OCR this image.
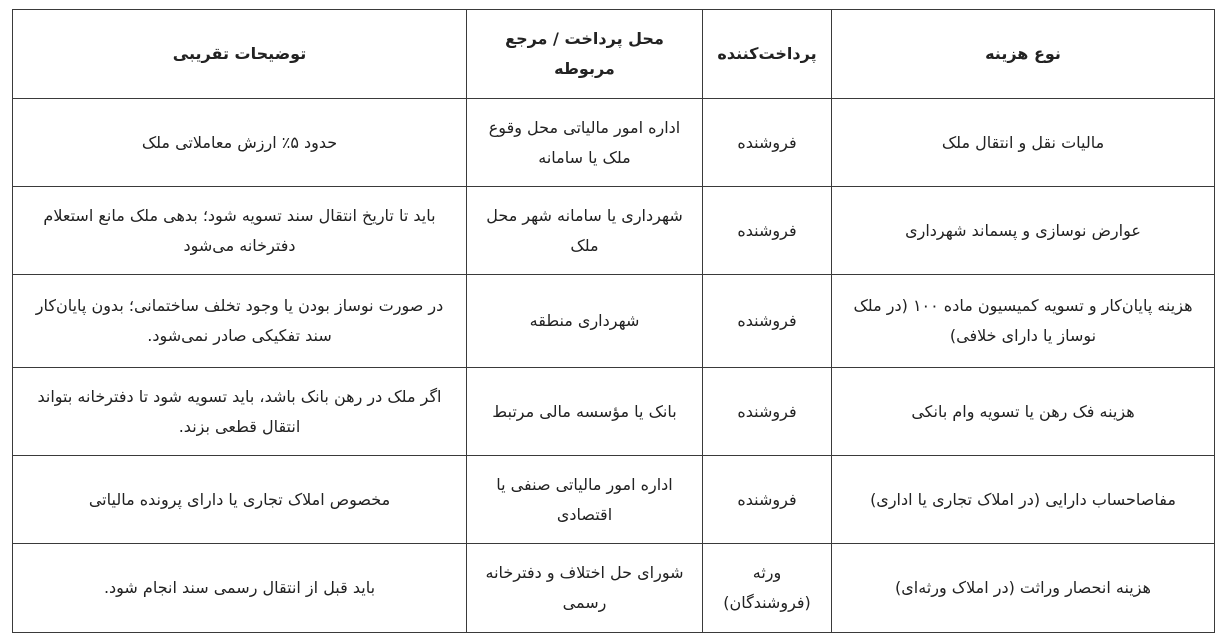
نوع هزینه	پرداخت‌کننده	محل پرداخت / مرجع مربوطه	توضیحات تقریبی
مالیات نقل و انتقال ملک	فروشنده	اداره امور مالیاتی محل وقوع ملک یا سامانه	حدود ۵٪ ارزش معاملاتی ملک
عوارض نوسازی و پسماند شهرداری	فروشنده	شهرداری یا سامانه شهر محل ملک	باید تا تاریخ انتقال سند تسویه شود؛ بدهی ملک مانع استعلام دفترخانه می‌شود
هزینه پایان‌کار و تسویه کمیسیون ماده ۱۰۰ (در ملک نوساز یا دارای خلافی)	فروشنده	شهرداری منطقه	در صورت نوساز بودن یا وجود تخلف ساختمانی؛ بدون پایان‌کار سند تفکیکی صادر نمی‌شود.
هزینه فک رهن یا تسویه وام بانکی	فروشنده	بانک یا مؤسسه مالی مرتبط	اگر ملک در رهن بانک باشد، باید تسویه شود تا دفترخانه بتواند انتقال قطعی بزند.
مفاصاحساب دارایی (در املاک تجاری یا اداری)	فروشنده	اداره امور مالیاتی صنفی یا اقتصادی	مخصوص املاک تجاری یا دارای پرونده مالیاتی
هزینه انحصار وراثت (در املاک ورثه‌ای)	ورثه (فروشندگان)	شورای حل اختلاف و دفترخانه رسمی	باید قبل از انتقال رسمی سند انجام شود.
